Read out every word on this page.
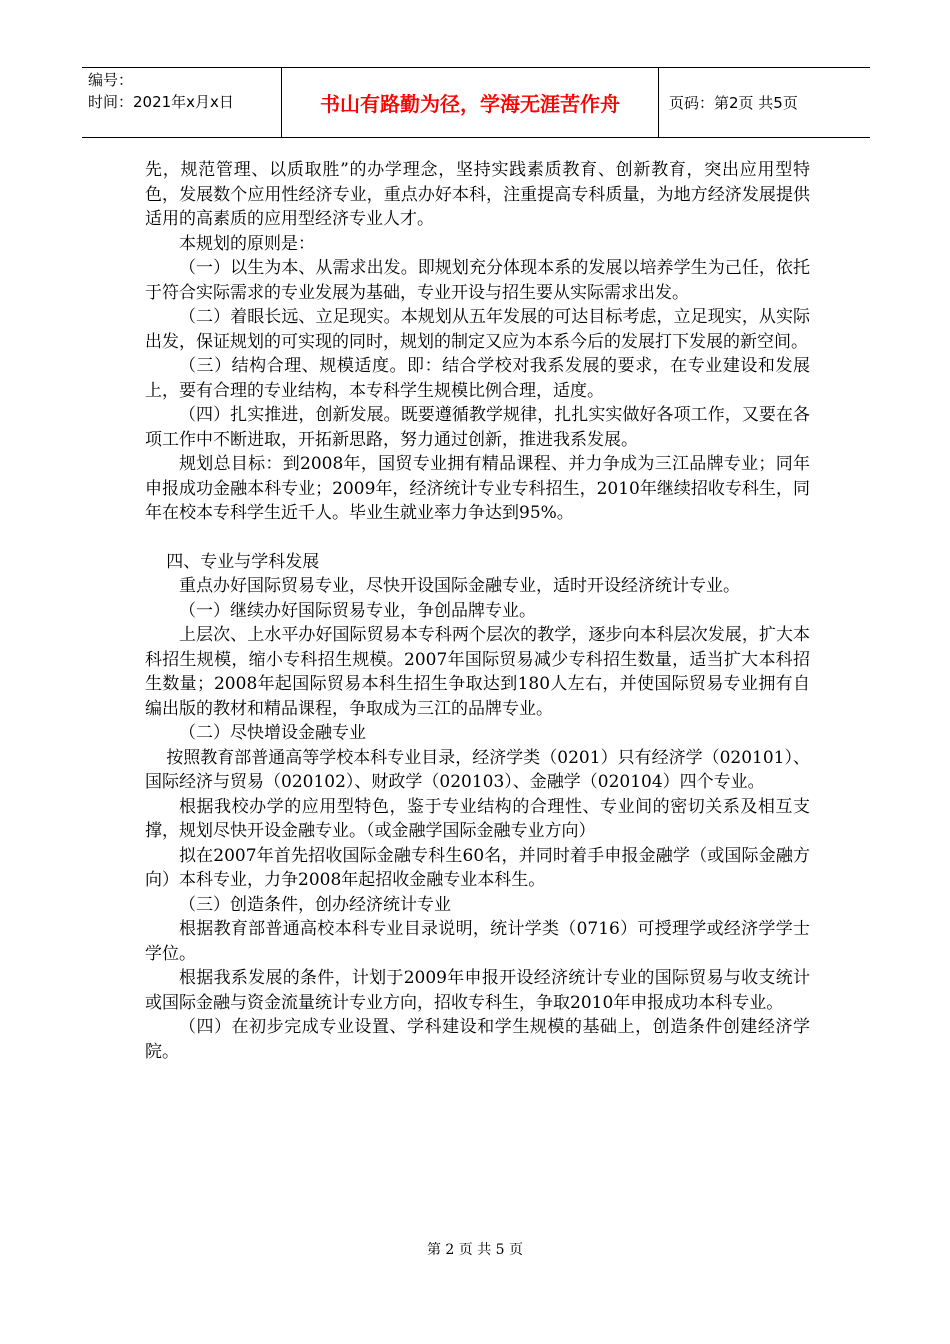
编号：
时间：2021年x月x日	书山有路勤为径，学海无涯苦作舟	页码：第2页 共5页

先，规范管理、以质取胜”的办学理念，坚持实践素质教育、创新教育，突出应用型特色，发展数个应用性经济专业，重点办好本科，注重提高专科质量，为地方经济发展提供适用的高素质的应用型经济专业人才。

本规划的原则是：

（一）以生为本、从需求出发。即规划充分体现本系的发展以培养学生为己任，依托于符合实际需求的专业发展为基础，专业开设与招生要从实际需求出发。

（二）着眼长远、立足现实。本规划从五年发展的可达目标考虑，立足现实，从实际出发，保证规划的可实现的同时，规划的制定又应为本系今后的发展打下发展的新空间。

（三）结构合理、规模适度。即：结合学校对我系发展的要求，在专业建设和发展上，要有合理的专业结构，本专科学生规模比例合理，适度。

（四）扎实推进，创新发展。既要遵循教学规律，扎扎实实做好各项工作，又要在各项工作中不断进取，开拓新思路，努力通过创新，推进我系发展。

规划总目标：到2008年，国贸专业拥有精品课程、并力争成为三江品牌专业；同年申报成功金融本科专业；2009年，经济统计专业专科招生，2010年继续招收专科生，同年在校本专科学生近千人。毕业生就业率力争达到95%。

四、专业与学科发展

重点办好国际贸易专业，尽快开设国际金融专业，适时开设经济统计专业。

（一）继续办好国际贸易专业，争创品牌专业。

上层次、上水平办好国际贸易本专科两个层次的教学，逐步向本科层次发展，扩大本科招生规模，缩小专科招生规模。2007年国际贸易减少专科招生数量，适当扩大本科招生数量；2008年起国际贸易本科生招生争取达到180人左右，并使国际贸易专业拥有自编出版的教材和精品课程，争取成为三江的品牌专业。

（二）尽快增设金融专业

按照教育部普通高等学校本科专业目录，经济学类（0201）只有经济学（020101）、国际经济与贸易（020102）、财政学（020103）、金融学（020104）四个专业。

根据我校办学的应用型特色，鉴于专业结构的合理性、专业间的密切关系及相互支撑，规划尽快开设金融专业。（或金融学国际金融专业方向）

拟在2007年首先招收国际金融专科生60名，并同时着手申报金融学（或国际金融方向）本科专业，力争2008年起招收金融专业本科生。

（三）创造条件，创办经济统计专业

根据教育部普通高校本科专业目录说明，统计学类（0716）可授理学或经济学学士学位。

根据我系发展的条件，计划于2009年申报开设经济统计专业的国际贸易与收支统计或国际金融与资金流量统计专业方向，招收专科生，争取2010年申报成功本科专业。

（四）在初步完成专业设置、学科建设和学生规模的基础上，创造条件创建经济学院。

第 2 页 共 5 页
